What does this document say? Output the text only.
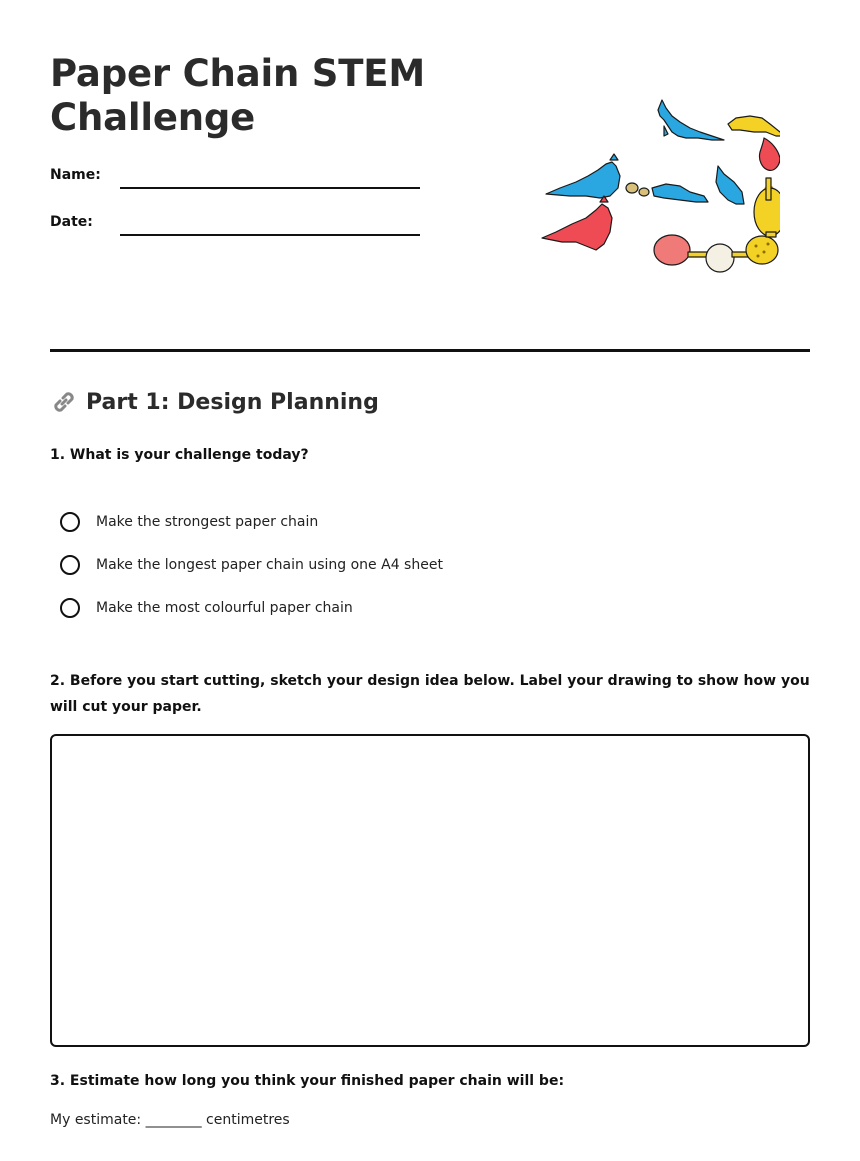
Paper Chain STEM Challenge
Name:
Date:
Part 1: Design Planning

1. What is your challenge today?

Make the strongest paper chain
Make the longest paper chain using one A4 sheet
Make the most colourful paper chain

2. Before you start cutting, sketch your design idea below. Label your drawing to show how you will cut your paper.

3. Estimate how long you think your finished paper chain will be:

My estimate: ________ centimetres
